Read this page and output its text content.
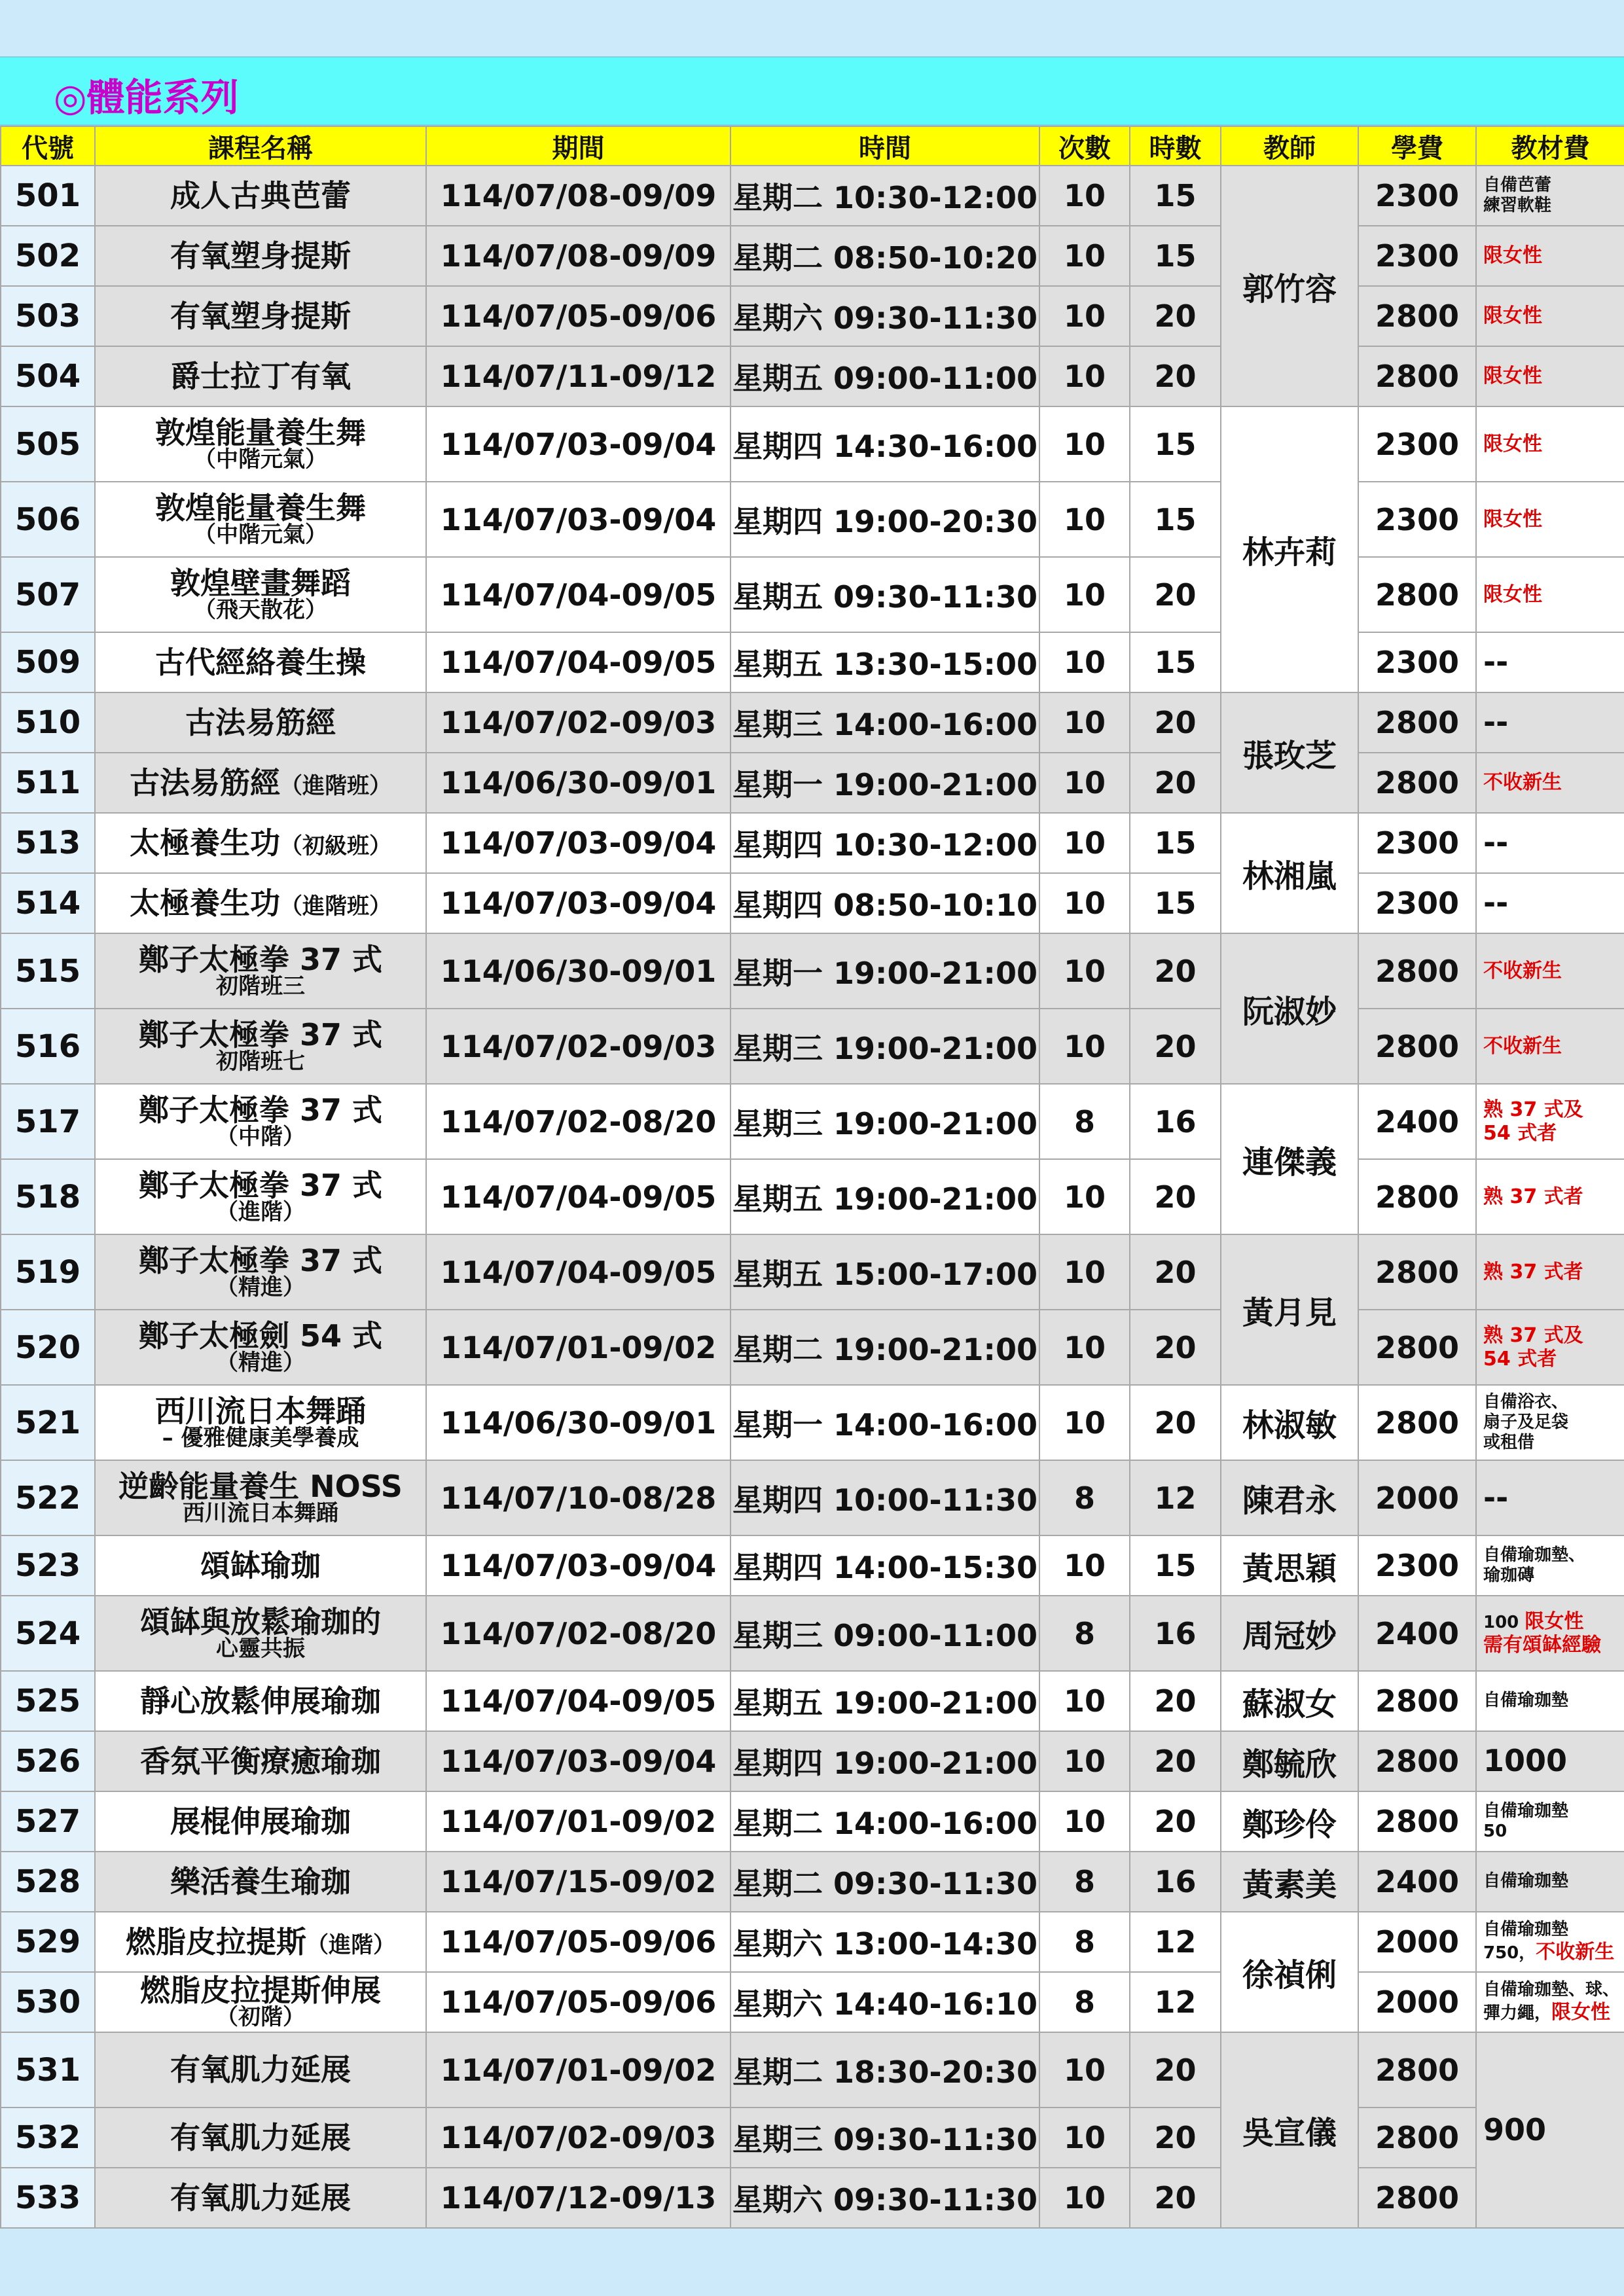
◎體能系列
代號	課程名稱	期間	時間	次數	時數	教師	學費	教材費
501	成人古典芭蕾	114/07/08-09/09	星期二 10:30-12:00	10	15	郭竹容	2300	自備芭蕾
練習軟鞋
502	有氧塑身提斯	114/07/08-09/09	星期二 08:50-10:20	10	15		2300	限女性
503	有氧塑身提斯	114/07/05-09/06	星期六 09:30-11:30	10	20		2800	限女性
504	爵士拉丁有氧	114/07/11-09/12	星期五 09:00-11:00	10	20		2800	限女性
505	敦煌能量養生舞
（中階元氣）	114/07/03-09/04	星期四 14:30-16:00	10	15	林卉莉	2300	限女性
506	敦煌能量養生舞
（中階元氣）	114/07/03-09/04	星期四 19:00-20:30	10	15		2300	限女性
507	敦煌壁畫舞蹈
（飛天散花）	114/07/04-09/05	星期五 09:30-11:30	10	20		2800	限女性
509	古代經絡養生操	114/07/04-09/05	星期五 13:30-15:00	10	15		2300	--
510	古法易筋經	114/07/02-09/03	星期三 14:00-16:00	10	20	張玫芝	2800	--
511	古法易筋經（進階班）	114/06/30-09/01	星期一 19:00-21:00	10	20		2800	不收新生
513	太極養生功（初級班）	114/07/03-09/04	星期四 10:30-12:00	10	15	林湘嵐	2300	--
514	太極養生功（進階班）	114/07/03-09/04	星期四 08:50-10:10	10	15		2300	--
515	鄭子太極拳 37 式
初階班三	114/06/30-09/01	星期一 19:00-21:00	10	20	阮淑妙	2800	不收新生
516	鄭子太極拳 37 式
初階班七	114/07/02-09/03	星期三 19:00-21:00	10	20		2800	不收新生
517	鄭子太極拳 37 式
（中階）	114/07/02-08/20	星期三 19:00-21:00	8	16	連傑義	2400	熟 37 式及
54 式者
518	鄭子太極拳 37 式
（進階）	114/07/04-09/05	星期五 19:00-21:00	10	20		2800	熟 37 式者
519	鄭子太極拳 37 式
（精進）	114/07/04-09/05	星期五 15:00-17:00	10	20	黃月見	2800	熟 37 式者
520	鄭子太極劍 54 式
（精進）	114/07/01-09/02	星期二 19:00-21:00	10	20		2800	熟 37 式及
54 式者
521	西川流日本舞踊
– 優雅健康美學養成	114/06/30-09/01	星期一 14:00-16:00	10	20	林淑敏	2800	自備浴衣、
扇子及足袋
或租借
522	逆齡能量養生 NOSS
西川流日本舞踊	114/07/10-08/28	星期四 10:00-11:30	8	12	陳君永	2000	--
523	頌缽瑜珈	114/07/03-09/04	星期四 14:00-15:30	10	15	黃思穎	2300	自備瑜珈墊、
瑜珈磚
524	頌缽與放鬆瑜珈的
心靈共振	114/07/02-08/20	星期三 09:00-11:00	8	16	周冠妙	2400	100 限女性
需有頌缽經驗
525	靜心放鬆伸展瑜珈	114/07/04-09/05	星期五 19:00-21:00	10	20	蘇淑女	2800	自備瑜珈墊
526	香氛平衡療癒瑜珈	114/07/03-09/04	星期四 19:00-21:00	10	20	鄭毓欣	2800	1000
527	展棍伸展瑜珈	114/07/01-09/02	星期二 14:00-16:00	10	20	鄭珍伶	2800	自備瑜珈墊
50
528	樂活養生瑜珈	114/07/15-09/02	星期二 09:30-11:30	8	16	黃素美	2400	自備瑜珈墊
529	燃脂皮拉提斯（進階）	114/07/05-09/06	星期六 13:00-14:30	8	12	徐禎俐	2000	自備瑜珈墊
750，不收新生
530	燃脂皮拉提斯伸展
（初階）	114/07/05-09/06	星期六 14:40-16:10	8	12		2000	自備瑜珈墊、球、
彈力繩，限女性
531	有氧肌力延展	114/07/01-09/02	星期二 18:30-20:30	10	20	吳宣儀	2800	900
532	有氧肌力延展	114/07/02-09/03	星期三 09:30-11:30	10	20		2800	
533	有氧肌力延展	114/07/12-09/13	星期六 09:30-11:30	10	20		2800	
